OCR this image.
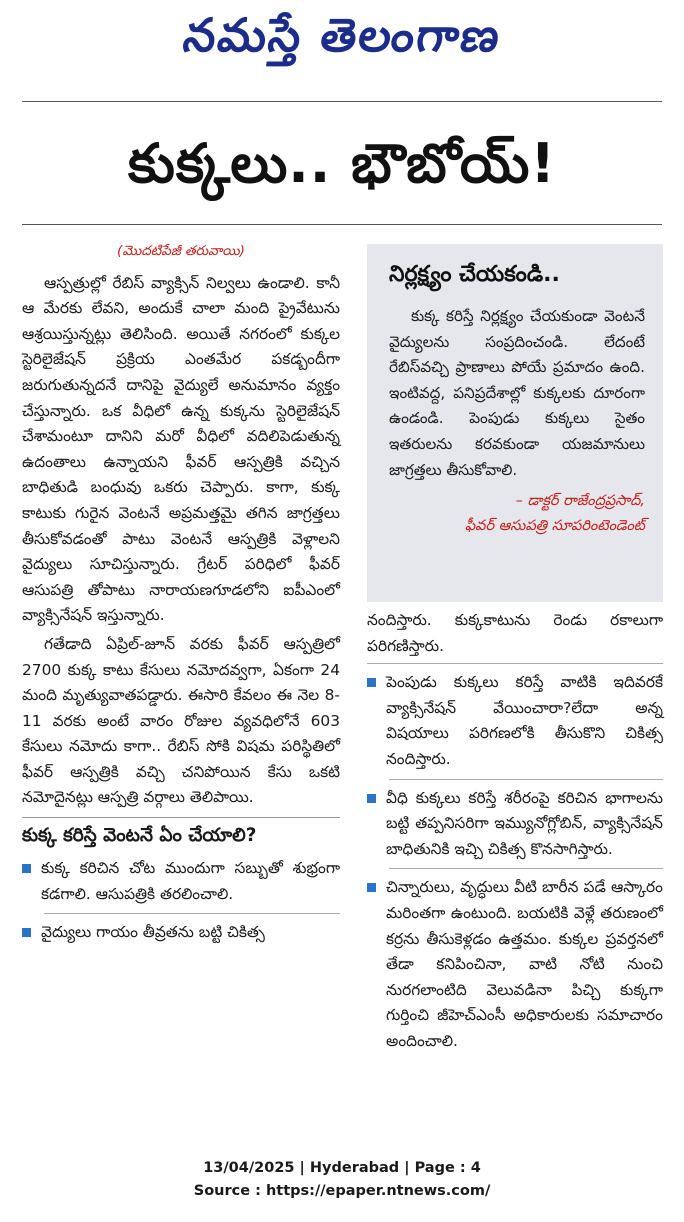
నమస్తే తెలంగాణ
కుక్కలు.. భౌబోయ్!
(మొదటిపేజీ తరువాయి)

ఆస్పత్రుల్లో రేబిస్ వ్యాక్సిన్ నిల్వలు ఉండాలి. కానీ ఆ మేరకు లేవని, అందుకే చాలా మంది ప్రైవేటును ఆశ్రయిస్తున్నట్లు తెలిసింది. అయితే నగరంలో కుక్కల స్టెరిలైజేషన్ ప్రక్రియ ఎంతమేర పకడ్బందీగా జరుగుతున్నదనే దానిపై వైద్యులే అనుమానం వ్యక్తం చేస్తున్నారు. ఒక వీధిలో ఉన్న కుక్కను స్టెరిలైజేషన్ చేశామంటూ దానిని మరో వీధిలో వదిలిపెడుతున్న ఉదంతాలు ఉన్నాయని ఫీవర్ ఆస్పత్రికి వచ్చిన బాధితుడి బంధువు ఒకరు చెప్పారు. కాగా, కుక్క కాటుకు గురైన వెంటనే అప్రమత్తమై తగిన జాగ్రత్తలు తీసుకోవడంతో పాటు వెంటనే ఆస్పత్రికి వెళ్లాలని వైద్యులు సూచిస్తున్నారు. గ్రేటర్ పరిధిలో ఫీవర్ ఆసుపత్రి తోపాటు నారాయణగూడలోని ఐపీఎంలో వ్యాక్సినేషన్ ఇస్తున్నారు.

గతేడాది ఏప్రిల్-జూన్ వరకు ఫీవర్ ఆస్పత్రిలో 2700 కుక్క కాటు కేసులు నమోదవ్వగా, ఏకంగా 24 మంది మృత్యువాతపడ్డారు. ఈసారి కేవలం ఈ నెల 8-11 వరకు అంటే వారం రోజుల వ్యవధిలోనే 603 కేసులు నమోదు కాగా.. రేబిస్ సోకి విషమ పరిస్థితిలో ఫీవర్ ఆస్పత్రికి వచ్చి చనిపోయిన కేసు ఒకటి నమోదైనట్లు ఆస్పత్రి వర్గాలు తెలిపాయి.

కుక్క కరిస్తే వెంటనే ఏం చేయాలి?
కుక్క కరిచిన చోట ముందుగా సబ్బుతో శుభ్రంగా కడగాలి. ఆసుపత్రికి తరలించాలి.
వైద్యులు గాయం తీవ్రతను బట్టి చికిత్స
నిర్లక్ష్యం చేయకండి..
కుక్క కరిస్తే నిర్లక్ష్యం చేయకుండా వెంటనే వైద్యులను సంప్రదించండి. లేదంటే రేబిస్‌వచ్చి ప్రాణాలు పోయే ప్రమాదం ఉంది. ఇంటివద్ద, పనిప్రదేశాల్లో కుక్కలకు దూరంగా ఉండండి. పెంపుడు కుక్కలు సైతం ఇతరులను కరవకుండా యజమానులు జాగ్రత్తలు తీసుకోవాలి.
– డాక్టర్ రాజేంద్రప్రసాద్,
ఫీవర్ ఆసుపత్రి సూపరింటెండెంట్

నందిస్తారు. కుక్కకాటును రెండు రకాలుగా పరిగణిస్తారు.

పెంపుడు కుక్కలు కరిస్తే వాటికి ఇదివరకే వ్యాక్సినేషన్ వేయించారా?లేదా అన్న విషయాలు పరిగణలోకి తీసుకొని చికిత్స నందిస్తారు.
వీధి కుక్కలు కరిస్తే శరీరంపై కరిచిన భాగాలను బట్టి తప్పనిసరిగా ఇమ్యునోగ్లోబిన్, వ్యాక్సినేషన్ బాధితునికి ఇచ్చి చికిత్స కొనసాగిస్తారు.
చిన్నారులు, వృద్ధులు వీటి బారీన పడే ఆస్కారం మరింతగా ఉంటుంది. బయటికి వెళ్లే తరుణంలో కర్రను తీసుకెళ్లడం ఉత్తమం. కుక్కల ప్రవర్తనలో తేడా కనిపించినా, వాటి నోటి నుంచి నురగలాంటిది వెలువడినా పిచ్చి కుక్కగా గుర్తించి జీహెచ్ఎంసీ అధికారులకు సమాచారం అందించాలి.
13/04/2025 | Hyderabad | Page : 4
Source : https://epaper.ntnews.com/
